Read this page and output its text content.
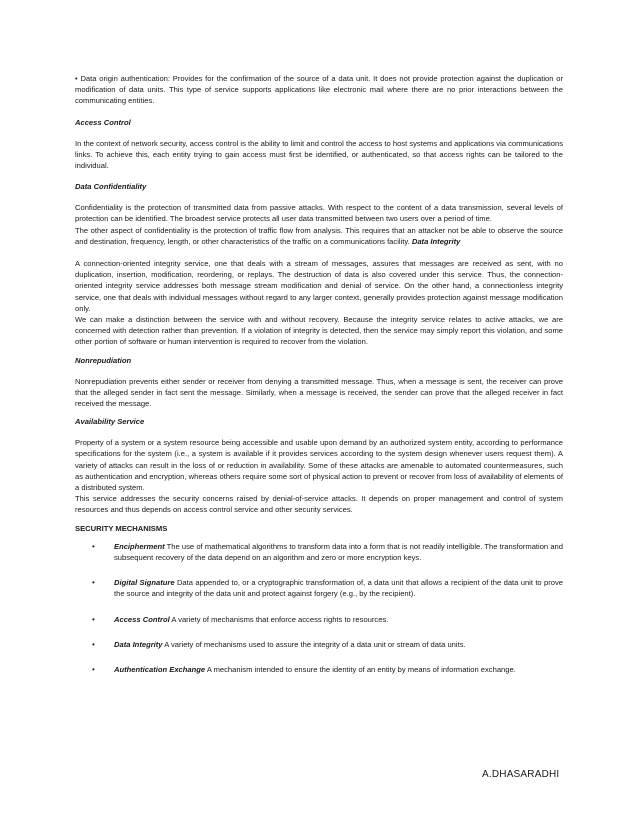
• Data origin authentication: Provides for the confirmation of the source of a data unit. It does not provide protection against the duplication or modification of data units. This type of service supports applications like electronic mail where there are no prior interactions between the communicating entities.

Access Control

In the context of network security, access control is the ability to limit and control the access to host systems and applications via communications links. To achieve this, each entity trying to gain access must first be identified, or authenticated, so that access rights can be tailored to the individual.

Data Confidentiality

Confidentiality is the protection of transmitted data from passive attacks. With respect to the content of a data transmission, several levels of protection can be identified. The broadest service protects all user data transmitted between two users over a period of time.

The other aspect of confidentiality is the protection of traffic flow from analysis. This requires that an attacker not be able to observe the source and destination, frequency, length, or other characteristics of the traffic on a communications facility. Data Integrity

A connection-oriented integrity service, one that deals with a stream of messages, assures that messages are received as sent, with no duplication, insertion, modification, reordering, or replays. The destruction of data is also covered under this service. Thus, the connection-oriented integrity service addresses both message stream modification and denial of service. On the other hand, a connectionless integrity service, one that deals with individual messages without regard to any larger context, generally provides protection against message modification only.

We can make a distinction between the service with and without recovery. Because the integrity service relates to active attacks, we are concerned with detection rather than prevention. If a violation of integrity is detected, then the service may simply report this violation, and some other portion of software or human intervention is required to recover from the violation.

Nonrepudiation

Nonrepudiation prevents either sender or receiver from denying a transmitted message. Thus, when a message is sent, the receiver can prove that the alleged sender in fact sent the message. Similarly, when a message is received, the sender can prove that the alleged receiver in fact received the message.

Availability Service

Property of a system or a system resource being accessible and usable upon demand by an authorized system entity, according to performance specifications for the system (i.e., a system is available if it provides services according to the system design whenever users request them). A variety of attacks can result in the loss of or reduction in availability. Some of these attacks are amenable to automated countermeasures, such as authentication and encryption, whereas others require some sort of physical action to prevent or recover from loss of availability of elements of a distributed system.

This service addresses the security concerns raised by denial-of-service attacks. It depends on proper management and control of system resources and thus depends on access control service and other security services.

SECURITY MECHANISMS
•	Encipherment The use of mathematical algorithms to transform data into a form that is not readily intelligible. The transformation and subsequent recovery of the data depend on an algorithm and zero or more encryption keys.
•	Digital Signature Data appended to, or a cryptographic transformation of, a data unit that allows a recipient of the data unit to prove the source and integrity of the data unit and protect against forgery (e.g., by the recipient).
•	Access Control A variety of mechanisms that enforce access rights to resources.
•	Data Integrity A variety of mechanisms used to assure the integrity of a data unit or stream of data units.
•	Authentication Exchange A mechanism intended to ensure the identity of an entity by means of information exchange.
A.DHASARADHI
